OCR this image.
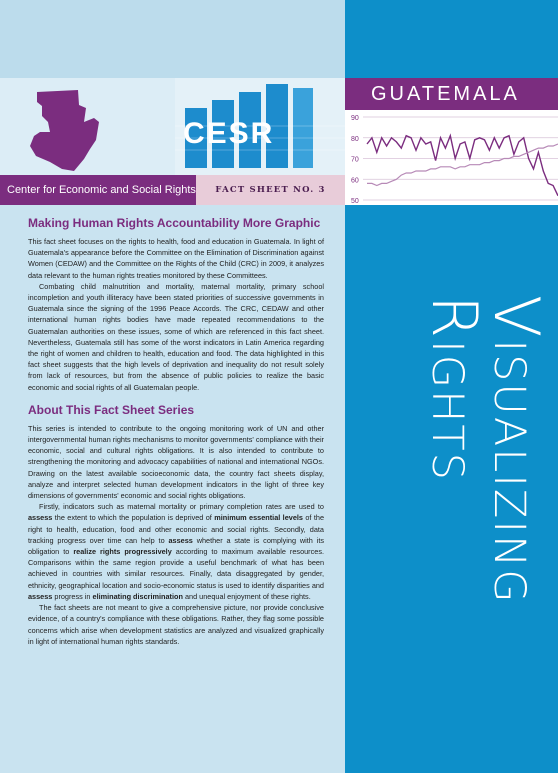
CESR
Center for Economic and Social Rights	FACT SHEET NO. 3
GUATEMALA
90
80
70
60
50
Visualizing
Rights
Making Human Rights Accountability More Graphic

This fact sheet focuses on the rights to health, food and education in Guatemala. In light of Guatemala's appearance before the Committee on the Elimination of Discrimination against Women (CEDAW) and the Committee on the Rights of the Child (CRC) in 2009, it analyzes data relevant to the human rights treaties monitored by these Committees.

Combating child malnutrition and mortality, maternal mortality, primary school incompletion and youth illiteracy have been stated priorities of successive governments in Guatemala since the signing of the 1996 Peace Accords. The CRC, CEDAW and other international human rights bodies have made repeated recommendations to the Guatemalan authorities on these issues, some of which are referenced in this fact sheet. Nevertheless, Guatemala still has some of the worst indicators in Latin America regarding the right of women and children to health, education and food. The data highlighted in this fact sheet suggests that the high levels of deprivation and inequality do not result solely from lack of resources, but from the absence of public policies to realize the basic economic and social rights of all Guatemalan people.

About This Fact Sheet Series

This series is intended to contribute to the ongoing monitoring work of UN and other intergovernmental human rights mechanisms to monitor governments' compliance with their economic, social and cultural rights obligations. It is also intended to contribute to strengthening the monitoring and advocacy capabilities of national and international NGOs. Drawing on the latest available socioeconomic data, the country fact sheets display, analyze and interpret selected human development indicators in the light of three key dimensions of governments' economic and social rights obligations.

Firstly, indicators such as maternal mortality or primary completion rates are used to assess the extent to which the population is deprived of minimum essential levels of the right to health, education, food and other economic and social rights. Secondly, data tracking progress over time can help to assess whether a state is complying with its obligation to realize rights progressively according to maximum available resources. Comparisons within the same region provide a useful benchmark of what has been achieved in countries with similar resources. Finally, data disaggregated by gender, ethnicity, geographical location and socio-economic status is used to identify disparities and assess progress in eliminating discrimination and unequal enjoyment of these rights.

The fact sheets are not meant to give a comprehensive picture, nor provide conclusive evidence, of a country's compliance with these obligations. Rather, they flag some possible concerns which arise when development statistics are analyzed and visualized graphically in light of international human rights standards.
